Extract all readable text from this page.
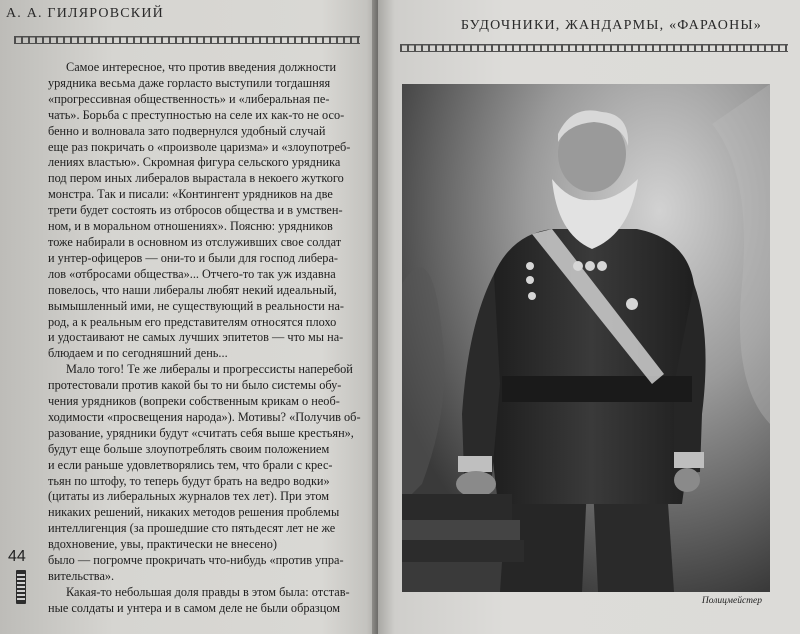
А. А. ГИЛЯРОВСКИЙ
Самое интересное, что против введения должности
урядника весьма даже горласто выступили тогдашняя
«прогрессивная общественность» и «либеральная пе-
чать». Борьба с преступностью на селе их как-то не осо-
бенно и волновала зато подвернулся удобный случай
еще раз покричать о «произволе царизма» и «злоупотреб-
лениях властью». Скромная фигура сельского урядника
под пером иных либералов вырастала в некоего жуткого
монстра. Так и писали: «Контингент урядников на две
трети будет состоять из отбросов общества и в умствен-
ном, и в моральном отношениях». Поясню: урядников
тоже набирали в основном из отслуживших свое солдат
и унтер-офицеров — они-то и были для господ либера-
лов «отбросами общества»... Отчего-то так уж издавна
повелось, что наши либералы любят некий идеальный,
вымышленный ими, не существующий в реальности на-
род, а к реальным его представителям относятся плохо
и удостаивают не самых лучших эпитетов — что мы на-
блюдаем и по сегодняшний день...
Мало того! Те же либералы и прогрессисты наперебой
протестовали против какой бы то ни было системы обу-
чения урядников (вопреки собственным крикам о необ-
ходимости «просвещения народа»). Мотивы? «Получив об-
разование, урядники будут «считать себя выше крестьян»,
будут еще больше злоупотреблять своим положением
и если раньше удовлетворялись тем, что брали с крес-
тьян по штофу, то теперь будут брать на ведро водки»
(цитаты из либеральных журналов тех лет). При этом
никаких решений, никаких методов решения проблемы
интеллигенция (за прошедшие сто пятьдесят лет не же
вдохновение, увы, практически не внесено)
было — погромче прокричать что-нибудь «против упра-
вительства».
Какая-то небольшая доля правды в этом была: отстав-
ные солдаты и унтера и в самом деле не были образцом
44
БУДОЧНИКИ, ЖАНДАРМЫ, «ФАРАОНЫ»
Полицмейстер
